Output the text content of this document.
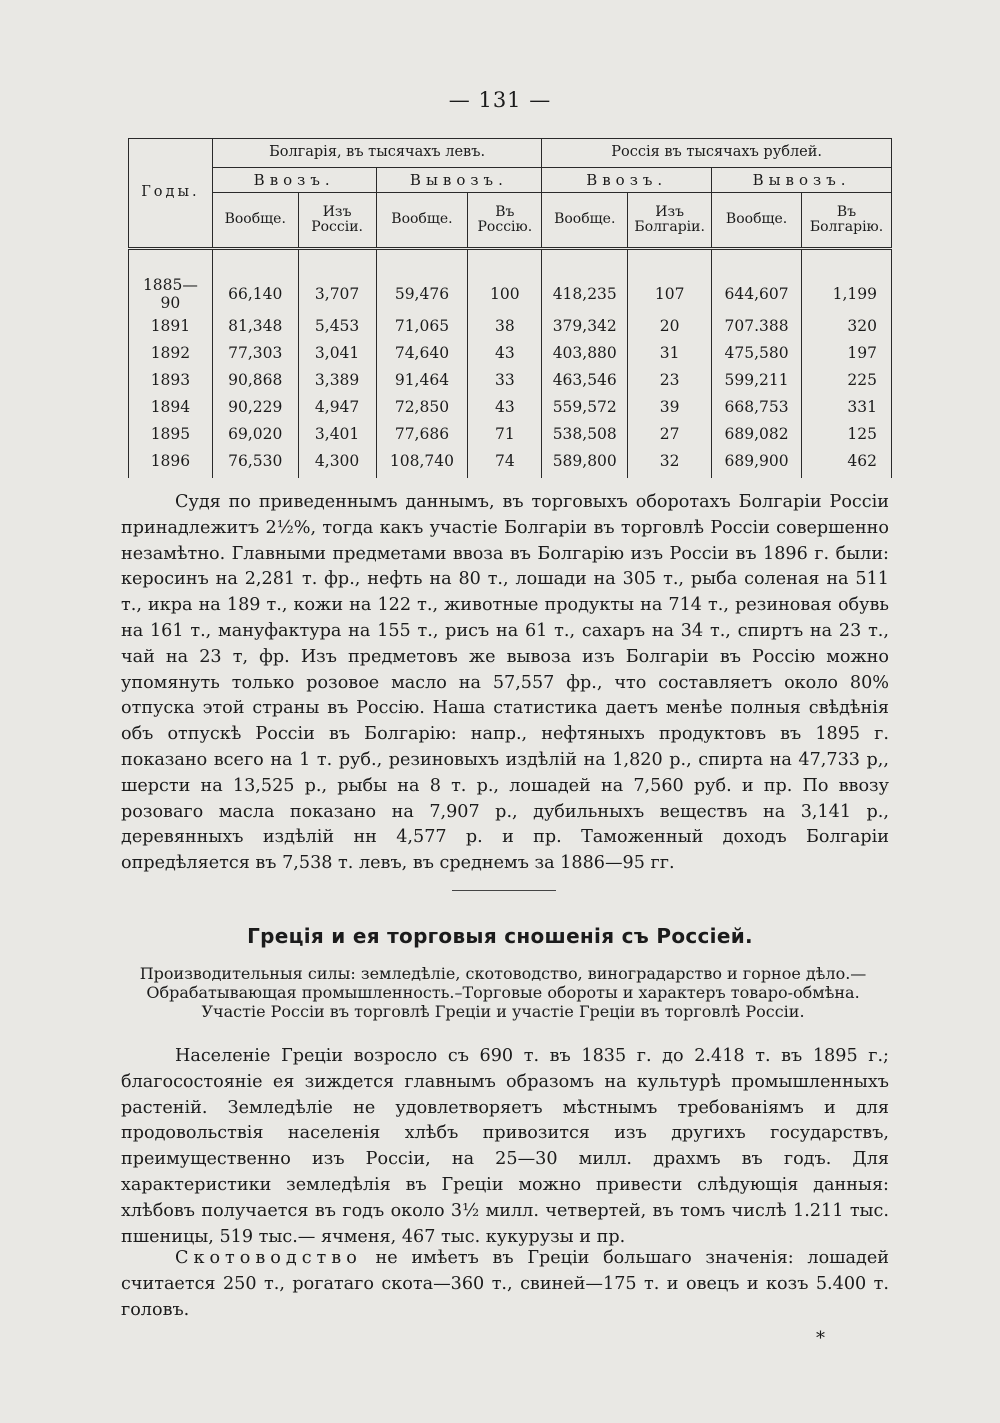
— 131 —
Годы.	Болгарія, въ тысячахъ левъ.				Россія въ тысячахъ рублей.			
	Ввозъ.		Вывозъ.		Ввозъ.		Вывозъ.	
	Вообще.	Изъ Россіи.	Вообще.	Въ Россію.	Вообще.	Изъ Болгаріи.	Вообще.	Въ Болгарію.

1885—90	66,140	3,707	59,476	100	418,235	107	644,607	1,199
1891	81,348	5,453	71,065	38	379,342	20	707.388	320
1892	77,303	3,041	74,640	43	403,880	31	475,580	197
1893	90,868	3,389	91,464	33	463,546	23	599,211	225
1894	90,229	4,947	72,850	43	559,572	39	668,753	331
1895	69,020	3,401	77,686	71	538,508	27	689,082	125
1896	76,530	4,300	108,740	74	589,800	32	689,900	462

Судя по приведеннымъ даннымъ, въ торговыхъ оборотахъ Болгаріи Россіи принадлежитъ 2½%, тогда какъ участіе Болгаріи въ торговлѣ Россіи совершенно незамѣтно. Главными предметами ввоза въ Болгарію изъ Россіи въ 1896 г. были: керосинъ на 2,281 т. фр., нефть на 80 т., лошади на 305 т., рыба соленая на 511 т., икра на 189 т., кожи на 122 т., животные продукты на 714 т., резиновая обувь на 161 т., мануфактура на 155 т., рисъ на 61 т., сахаръ на 34 т., спиртъ на 23 т., чай на 23 т, фр. Изъ предметовъ же вывоза изъ Болгаріи въ Россію можно упомянуть только розовое масло на 57,557 фр., что составляетъ около 80% отпуска этой страны въ Россію. Наша статистика даетъ менѣе полныя свѣдѣнія объ отпускѣ Россіи въ Болгарію: напр., нефтяныхъ продуктовъ въ 1895 г. показано всего на 1 т. руб., резиновыхъ издѣлій на 1,820 р., спирта на 47,733 р,, шерсти на 13,525 р., рыбы на 8 т. р., лошадей на 7,560 руб. и пр. По ввозу розоваго масла показано на 7,907 р., дубильныхъ веществъ на 3,141 р., деревянныхъ издѣлій нн 4,577 р. и пр. Таможенный доходъ Болгаріи опредѣляется въ 7,538 т. левъ, въ среднемъ за 1886—95 гг.

Греція и ея торговыя сношенія съ Россіей.
Производительныя силы: земледѣліе, скотоводство, виноградарство и горное дѣло.—
Обрабатывающая промышленность.–Торговые обороты и характеръ товаро-обмѣна.
Участіе Россіи въ торговлѣ Греціи и участіе Греціи въ торговлѣ Россіи.

Населеніе Греціи возросло съ 690 т. въ 1835 г. до 2.418 т. въ 1895 г.; благосостояніе ея зиждется главнымъ образомъ на культурѣ промышленныхъ растеній. Земледѣліе не удовлетворяетъ мѣстнымъ требованіямъ и для продовольствія населенія хлѣбъ привозится изъ другихъ государствъ, преимущественно изъ Россіи, на 25—30 милл. драхмъ въ годъ. Для характеристики земледѣлія въ Греціи можно привести слѣдующія данныя: хлѣбовъ получается въ годъ около 3½ милл. четвертей, въ томъ числѣ 1.211 тыс. пшеницы, 519 тыс.— ячменя, 467 тыс. кукурузы и пр.

Скотоводство не имѣетъ въ Греціи большаго значенія: лошадей считается 250 т., рогатаго скота—360 т., свиней—175 т. и овецъ и козъ 5.400 т. головъ.

*
